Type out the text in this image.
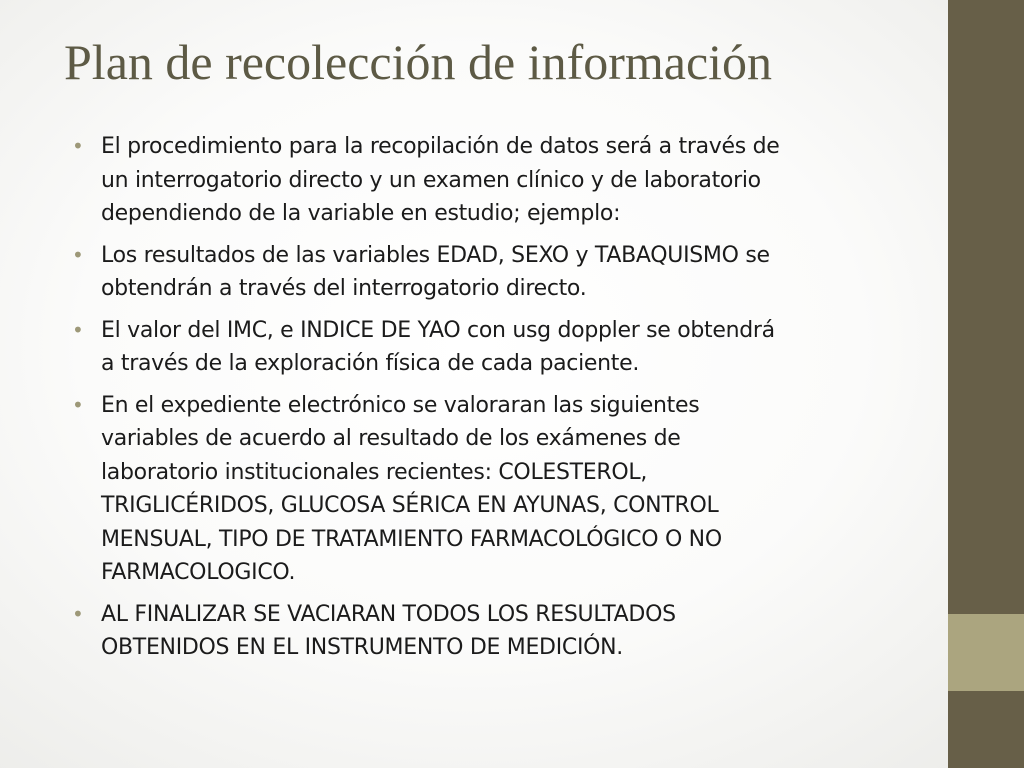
Plan de recolección de información
• El procedimiento para la recopilación de datos será a través de
un interrogatorio directo y un examen clínico y de laboratorio
dependiendo de la variable en estudio; ejemplo:
• Los resultados de las variables EDAD, SEXO y TABAQUISMO se
obtendrán a través del interrogatorio directo.
• El valor del IMC, e INDICE DE YAO con usg doppler se obtendrá
a través de la exploración física de cada paciente.
• En el expediente electrónico se valoraran las siguientes
variables de acuerdo al resultado de los exámenes de
laboratorio institucionales recientes: COLESTEROL,
TRIGLICÉRIDOS, GLUCOSA SÉRICA EN AYUNAS, CONTROL
MENSUAL, TIPO DE TRATAMIENTO FARMACOLÓGICO O NO
FARMACOLOGICO.
• AL FINALIZAR SE VACIARAN TODOS LOS RESULTADOS
OBTENIDOS EN EL INSTRUMENTO DE MEDICIÓN.
